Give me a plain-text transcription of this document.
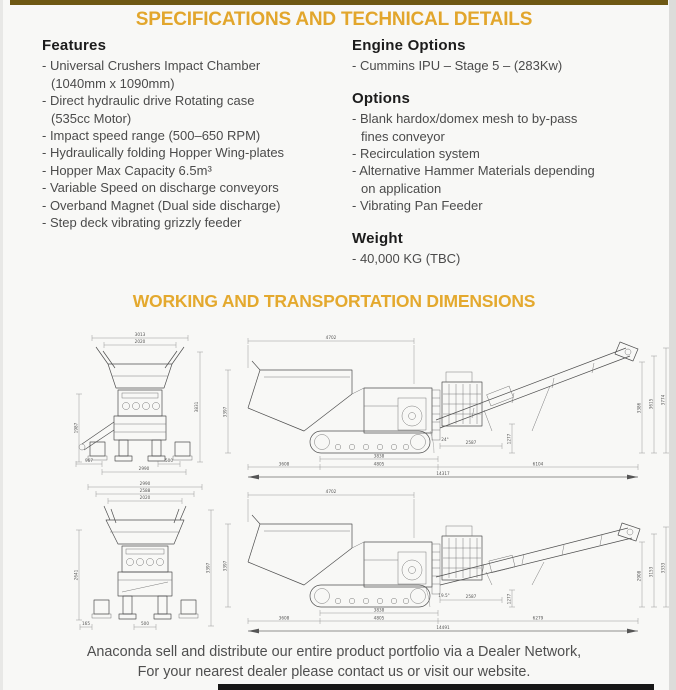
SPECIFICATIONS AND TECHNICAL DETAILS
Features
- Universal Crushers Impact Chamber
(1040mm x 1090mm)
- Direct hydraulic drive Rotating case
(535cc Motor)
- Impact speed range (500–650 RPM)
- Hydraulically folding Hopper Wing-plates
- Hopper Max Capacity 6.5m³
- Variable Speed on discharge conveyors
- Overband Magnet (Dual side discharge)
- Step deck vibrating grizzly feeder
Engine Options
- Cummins IPU – Stage 5 – (283Kw)
Options
- Blank hardox/domex mesh to by-pass
fines conveyor
- Recirculation system
- Alternative Hammer Materials depending
on application
- Vibrating Pan Feeder
Weight
- 40,000 KG (TBC)
WORKING AND TRANSPORTATION DIMENSIONS
3013
2020
3831
1987
967	500
2990
4702
3397
2587	1277
24°
3838
3608	4805	6104
14317
3386 3615 3774
2990
2588
2020
2641
3397
165	500
4702
3397
2587	1277
19.5°
3838
3608	4805	6279
14491
2908 3153 3333
Anaconda sell and distribute our entire product portfolio via a Dealer Network,
For your nearest dealer please contact us or visit our website.
